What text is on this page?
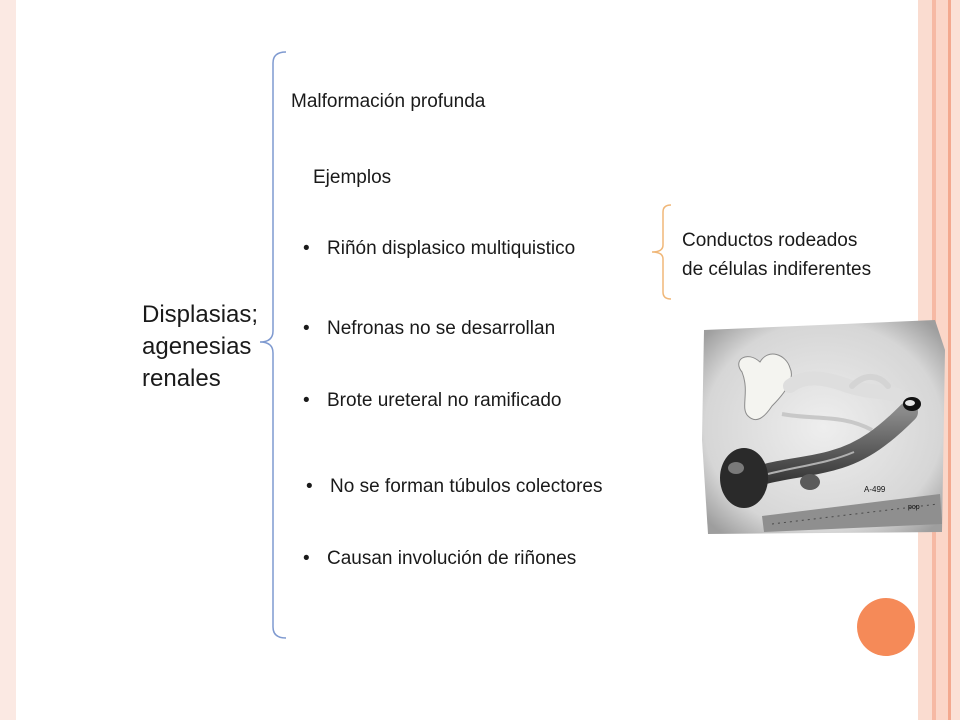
Displasias;
agenesias
renales
Malformación profunda
Ejemplos
• Riñón displasico multiquistico
• Nefronas no se desarrollan
• Brote ureteral no ramificado
• No se forman túbulos colectores
• Causan involución de riñones
Conductos rodeados
de células indiferentes
A-499
pop
